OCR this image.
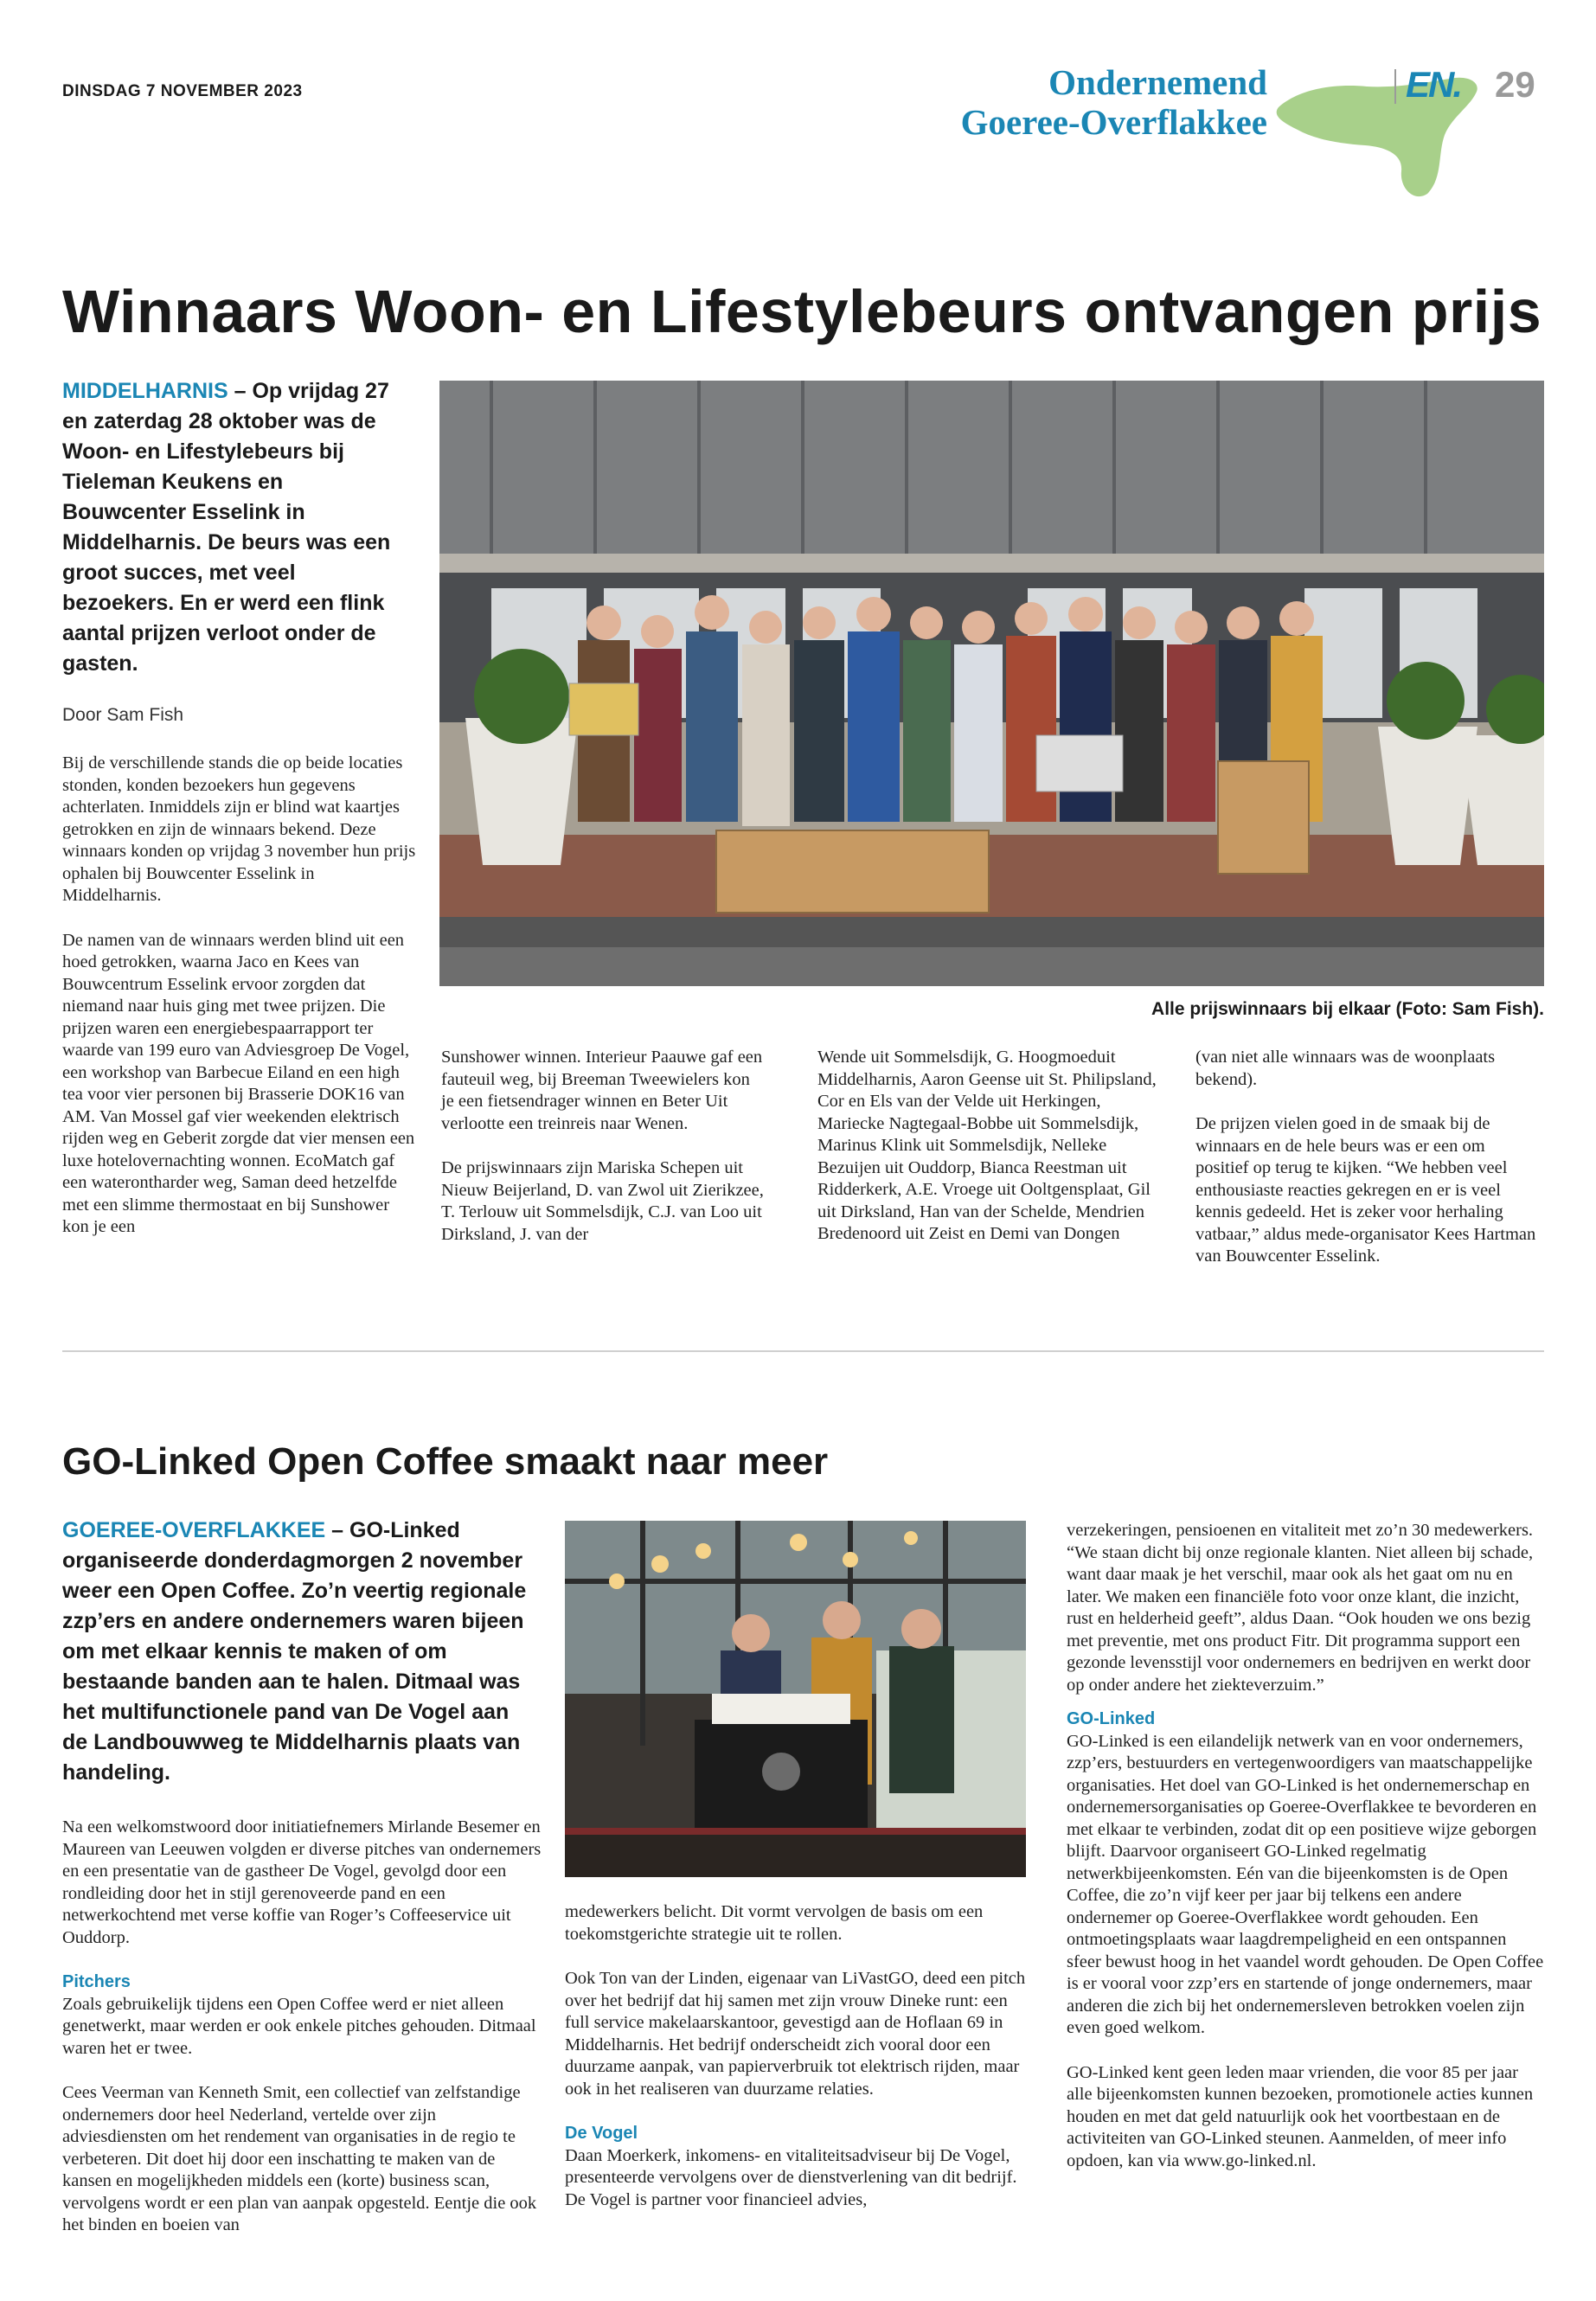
DINSDAG 7 NOVEMBER 2023	Ondernemend
Goeree-Overflakkee
EN. 29
Winnaars Woon- en Lifestylebeurs ontvangen prijs
MIDDELHARNIS – Op vrijdag 27 en zaterdag 28 oktober was de Woon- en Lifestylebeurs bij Tieleman Keukens en Bouwcenter Esselink in Middelharnis. De beurs was een groot succes, met veel bezoekers. En er werd een flink aantal prijzen verloot onder de gasten.
Door Sam Fish

Bij de verschillende stands die op beide locaties stonden, konden bezoekers hun gegevens achterlaten. Inmiddels zijn er blind wat kaartjes getrokken en zijn de winnaars bekend. Deze winnaars konden op vrijdag 3 november hun prijs ophalen bij Bouwcenter Esselink in Middelharnis.

De namen van de winnaars werden blind uit een hoed getrokken, waarna Jaco en Kees van Bouwcentrum Esselink ervoor zorgden dat niemand naar huis ging met twee prijzen. Die prijzen waren een energiebespaarrapport ter waarde van 199 euro van Adviesgroep De Vogel, een workshop van Barbecue Eiland en een high tea voor vier personen bij Brasserie DOK16 van AM. Van Mossel gaf vier weekenden elektrisch rijden weg en Geberit zorgde dat vier mensen een luxe hotelovernachting wonnen. EcoMatch gaf een waterontharder weg, Saman deed hetzelfde met een slimme thermostaat en bij Sunshower kon je een

Alle prijswinnaars bij elkaar (Foto: Sam Fish).

Sunshower winnen. Interieur Paauwe gaf een fauteuil weg, bij Breeman Tweewielers kon je een fietsendrager winnen en Beter Uit verlootte een treinreis naar Wenen.

De prijswinnaars zijn Mariska Schepen uit Nieuw Beijerland, D. van Zwol uit Zierikzee, T. Terlouw uit Sommelsdijk, C.J. van Loo uit Dirksland, J. van der

Wende uit Sommelsdijk, G. Hoogmoeduit Middelharnis, Aaron Geense uit St. Philipsland, Cor en Els van der Velde uit Herkingen, Mariecke Nagtegaal-Bobbe uit Sommelsdijk, Marinus Klink uit Sommelsdijk, Nelleke Bezuijen uit Ouddorp, Bianca Reestman uit Ridderkerk, A.E. Vroege uit Ooltgensplaat, Gil uit Dirksland, Han van der Schelde, Mendrien Bredenoord uit Zeist en Demi van Dongen

(van niet alle winnaars was de woonplaats bekend).

De prijzen vielen goed in de smaak bij de winnaars en de hele beurs was er een om positief op terug te kijken. “We hebben veel enthousiaste reacties gekregen en er is veel kennis gedeeld. Het is zeker voor herhaling vatbaar,” aldus mede-organisator Kees Hartman van Bouwcenter Esselink.

GO-Linked Open Coffee smaakt naar meer
GOEREE-OVERFLAKKEE – GO-Linked organiseerde donderdagmorgen 2 november weer een Open Coffee. Zo’n veertig regionale zzp’ers en andere ondernemers waren bijeen om met elkaar kennis te maken of om bestaande banden aan te halen. Ditmaal was het multifunctionele pand van De Vogel aan de Landbouwweg te Middelharnis plaats van handeling.

Na een welkomstwoord door initiatiefnemers Mirlande Besemer en Maureen van Leeuwen volgden er diverse pitches van ondernemers en een presentatie van de gastheer De Vogel, gevolgd door een rondleiding door het in stijl gerenoveerde pand en een netwerkochtend met verse koffie van Roger’s Coffeeservice uit Ouddorp.

Pitchers
Zoals gebruikelijk tijdens een Open Coffee werd er niet alleen genetwerkt, maar werden er ook enkele pitches gehouden. Ditmaal waren het er twee.

Cees Veerman van Kenneth Smit, een collectief van zelfstandige ondernemers door heel Nederland, vertelde over zijn adviesdiensten om het rendement van organisaties in de regio te verbeteren. Dit doet hij door een inschatting te maken van de kansen en mogelijkheden middels een (korte) business scan, vervolgens wordt er een plan van aanpak opgesteld. Eentje die ook het binden en boeien van

medewerkers belicht. Dit vormt vervolgen de basis om een toekomstgerichte strategie uit te rollen.

Ook Ton van der Linden, eigenaar van LiVastGO, deed een pitch over het bedrijf dat hij samen met zijn vrouw Dineke runt: een full service makelaarskantoor, gevestigd aan de Hoflaan 69 in Middelharnis. Het bedrijf onderscheidt zich vooral door een duurzame aanpak, van papierverbruik tot elektrisch rijden, maar ook in het realiseren van duurzame relaties.

De Vogel
Daan Moerkerk, inkomens- en vitaliteitsadviseur bij De Vogel, presenteerde vervolgens over de dienstverlening van dit bedrijf. De Vogel is partner voor financieel advies,

verzekeringen, pensioenen en vitaliteit met zo’n 30 medewerkers. “We staan dicht bij onze regionale klanten. Niet alleen bij schade, want daar maak je het verschil, maar ook als het gaat om nu en later. We maken een financiële foto voor onze klant, die inzicht, rust en helderheid geeft”, aldus Daan. “Ook houden we ons bezig met preventie, met ons product Fitr. Dit programma support een gezonde levensstijl voor ondernemers en bedrijven en werkt door op onder andere het ziekteverzuim.”

GO-Linked
GO-Linked is een eilandelijk netwerk van en voor ondernemers, zzp’ers, bestuurders en vertegenwoordigers van maatschappelijke organisaties. Het doel van GO-Linked is het ondernemerschap en ondernemersorganisaties op Goeree-Overflakkee te bevorderen en met elkaar te verbinden, zodat dit op een positieve wijze geborgen blijft. Daarvoor organiseert GO-Linked regelmatig netwerkbijeenkomsten. Eén van die bijeenkomsten is de Open Coffee, die zo’n vijf keer per jaar bij telkens een andere ondernemer op Goeree-Overflakkee wordt gehouden. Een ontmoetingsplaats waar laagdrempeligheid en een ontspannen sfeer bewust hoog in het vaandel wordt gehouden. De Open Coffee is er vooral voor zzp’ers en startende of jonge ondernemers, maar anderen die zich bij het ondernemersleven betrokken voelen zijn even goed welkom.

GO-Linked kent geen leden maar vrienden, die voor 85 per jaar alle bijeenkomsten kunnen bezoeken, promotionele acties kunnen houden en met dat geld natuurlijk ook het voortbestaan en de activiteiten van GO-Linked steunen. Aanmelden, of meer info opdoen, kan via www.go-linked.nl.
